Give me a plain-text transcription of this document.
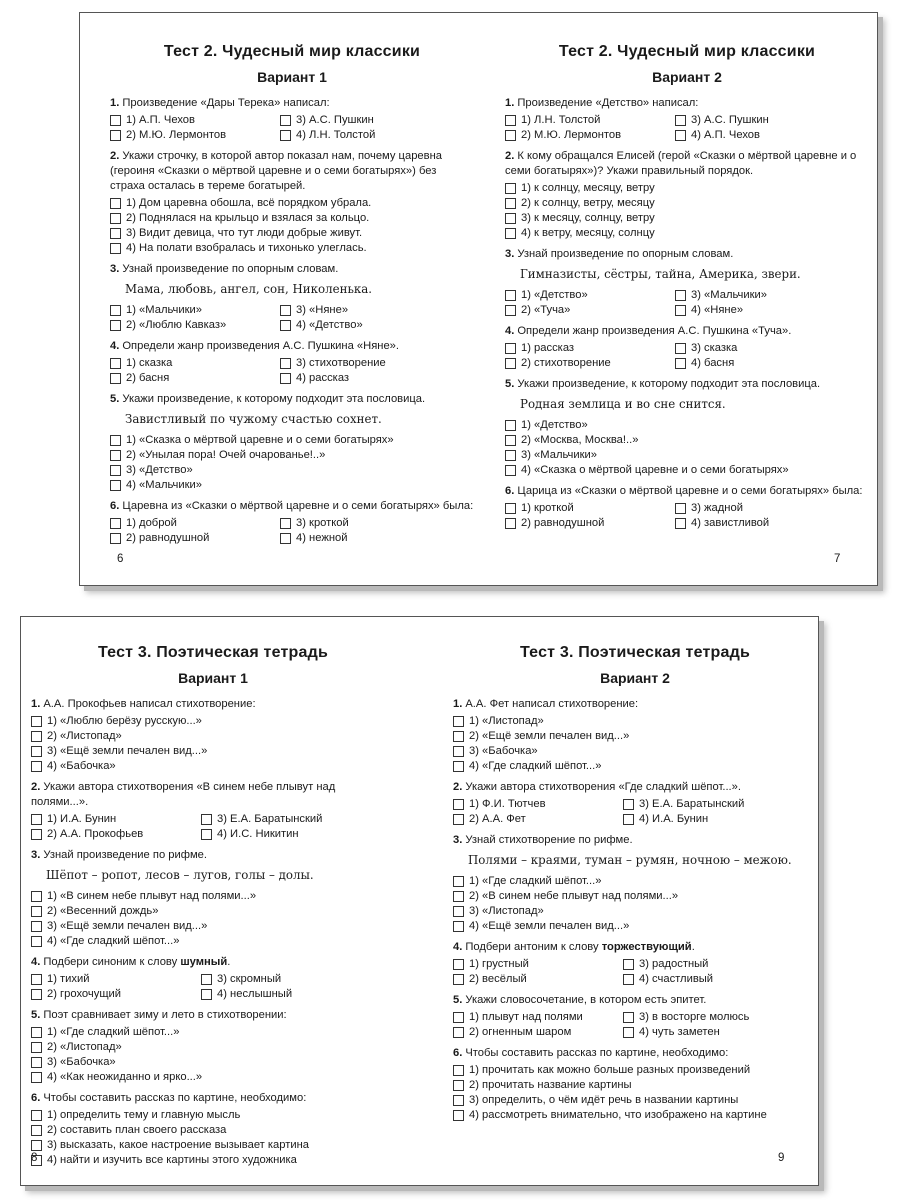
Тест 2. Чудесный мир классики
Вариант 1
1. Произведение «Дары Терека» написал:
1) А.П. Чехов	3) А.С. Пушкин
2) М.Ю. Лермонтов	4) Л.Н. Толстой
2. Укажи строчку, в которой автор показал нам, почему царевна (героиня «Сказки о мёртвой царевне и о семи богатырях») без страха осталась в тереме богатырей.
1) Дом царевна обошла, всё порядком убрала.
2) Поднялася на крыльцо и взялася за кольцо.
3) Видит девица, что тут люди добрые живут.
4) На полати взобралась и тихонько улеглась.
3. Узнай произведение по опорным словам.
Мама, любовь, ангел, сон, Николенька.
1) «Мальчики»	3) «Няне»
2) «Люблю Кавказ»	4) «Детство»
4. Определи жанр произведения А.С. Пушкина «Няне».
1) сказка	3) стихотворение
2) басня	4) рассказ
5. Укажи произведение, к которому подходит эта пословица.
Завистливый по чужому счастью сохнет.
1) «Сказка о мёртвой царевне и о семи богатырях»
2) «Унылая пора! Очей очарованье!..»
3) «Детство»
4) «Мальчики»
6. Царевна из «Сказки о мёртвой царевне и о семи богатырях» была:
1) доброй	3) кроткой
2) равнодушной	4) нежной
Тест 2. Чудесный мир классики
Вариант 2
1. Произведение «Детство» написал:
1) Л.Н. Толстой	3) А.С. Пушкин
2) М.Ю. Лермонтов	4) А.П. Чехов
2. К кому обращался Елисей (герой «Сказки о мёртвой царевне и о семи богатырях»)? Укажи правильный порядок.
1) к солнцу, месяцу, ветру
2) к солнцу, ветру, месяцу
3) к месяцу, солнцу, ветру
4) к ветру, месяцу, солнцу
3. Узнай произведение по опорным словам.
Гимназисты, сёстры, тайна, Америка, звери.
1) «Детство»	3) «Мальчики»
2) «Туча»	4) «Няне»
4. Определи жанр произведения А.С. Пушкина «Туча».
1) рассказ	3) сказка
2) стихотворение	4) басня
5. Укажи произведение, к которому подходит эта пословица.
Родная землица и во сне снится.
1) «Детство»
2) «Москва, Москва!..»
3) «Мальчики»
4) «Сказка о мёртвой царевне и о семи богатырях»
6. Царица из «Сказки о мёртвой царевне и о семи богатырях» была:
1) кроткой	3) жадной
2) равнодушной	4) завистливой
6	7
Тест 3. Поэтическая тетрадь
Вариант 1
1. А.А. Прокофьев написал стихотворение:
1) «Люблю берёзу русскую...»
2) «Листопад»
3) «Ещё земли печален вид...»
4) «Бабочка»
2. Укажи автора стихотворения «В синем небе плывут над полями...».
1) И.А. Бунин	3) Е.А. Баратынский
2) А.А. Прокофьев	4) И.С. Никитин
3. Узнай произведение по рифме.
Шёпот – ропот, лесов – лугов, голы – долы.
1) «В синем небе плывут над полями...»
2) «Весенний дождь»
3) «Ещё земли печален вид...»
4) «Где сладкий шёпот...»
4. Подбери синоним к слову шумный.
1) тихий	3) скромный
2) грохочущий	4) неслышный
5. Поэт сравнивает зиму и лето в стихотворении:
1) «Где сладкий шёпот...»
2) «Листопад»
3) «Бабочка»
4) «Как неожиданно и ярко...»
6. Чтобы составить рассказ по картине, необходимо:
1) определить тему и главную мысль
2) составить план своего рассказа
3) высказать, какое настроение вызывает картина
4) найти и изучить все картины этого художника
Тест 3. Поэтическая тетрадь
Вариант 2
1. А.А. Фет написал стихотворение:
1) «Листопад»
2) «Ещё земли печален вид...»
3) «Бабочка»
4) «Где сладкий шёпот...»
2. Укажи автора стихотворения «Где сладкий шёпот...».
1) Ф.И. Тютчев	3) Е.А. Баратынский
2) А.А. Фет	4) И.А. Бунин
3. Узнай стихотворение по рифме.
Полями – краями, туман – румян, ночною – межою.
1) «Где сладкий шёпот...»
2) «В синем небе плывут над полями...»
3) «Листопад»
4) «Ещё земли печален вид...»
4. Подбери антоним к слову торжествующий.
1) грустный	3) радостный
2) весёлый	4) счастливый
5. Укажи словосочетание, в котором есть эпитет.
1) плывут над полями	3) в восторге молюсь
2) огненным шаром	4) чуть заметен
6. Чтобы составить рассказ по картине, необходимо:
1) прочитать как можно больше разных произведений
2) прочитать название картины
3) определить, о чём идёт речь в названии картины
4) рассмотреть внимательно, что изображено на картине
8	9
